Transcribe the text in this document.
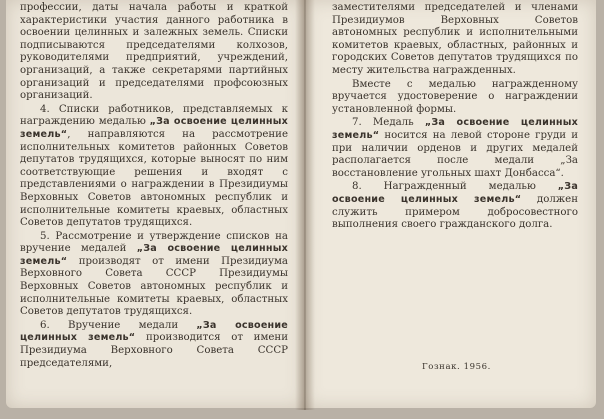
профессии, даты начала работы и краткой характеристики участия данного работника в освоении целинных и залежных земель. Списки подписываются председателями колхозов, руководителями предприятий, учреждений, организаций, а также секретарями партийных организаций и председателями профсоюзных организаций.

4. Списки работников, представляемых к награждению медалью „За освоение целинных земель“, направляются на рассмотрение исполнительных комитетов районных Советов депутатов трудящихся, которые выносят по ним соответствующие решения и входят с представлениями о награждении в Президиумы Верховных Советов автономных республик и исполнительные комитеты краевых, областных Советов депутатов трудящихся.

5. Рассмотрение и утверждение списков на вручение медалей „За освоение целинных земель“ производят от имени Президиума Верховного Совета СССР Президиумы Верховных Советов автономных республик и исполнительные комитеты краевых, областных Советов депутатов трудящихся.

6. Вручение медали „За освоение целинных земель“ производится от имени Президиума Верховного Совета СССР председателями,

заместителями председателей и членами Президиумов Верховных Советов автономных республик и исполнительными комитетов краевых, областных, районных и городских Советов депутатов трудящихся по месту жительства награжденных.

Вместе с медалью награжденному вручается удостоверение о награждении установленной формы.

7. Медаль „За освоение целинных земель“ носится на левой стороне груди и при наличии орденов и других медалей располагается после медали „За восстановление угольных шахт Донбасса“.

8. Награжденный медалью „За освоение целинных земель“ должен служить примером добросовестного выполнения своего гражданского долга.

Гознак. 1956.
